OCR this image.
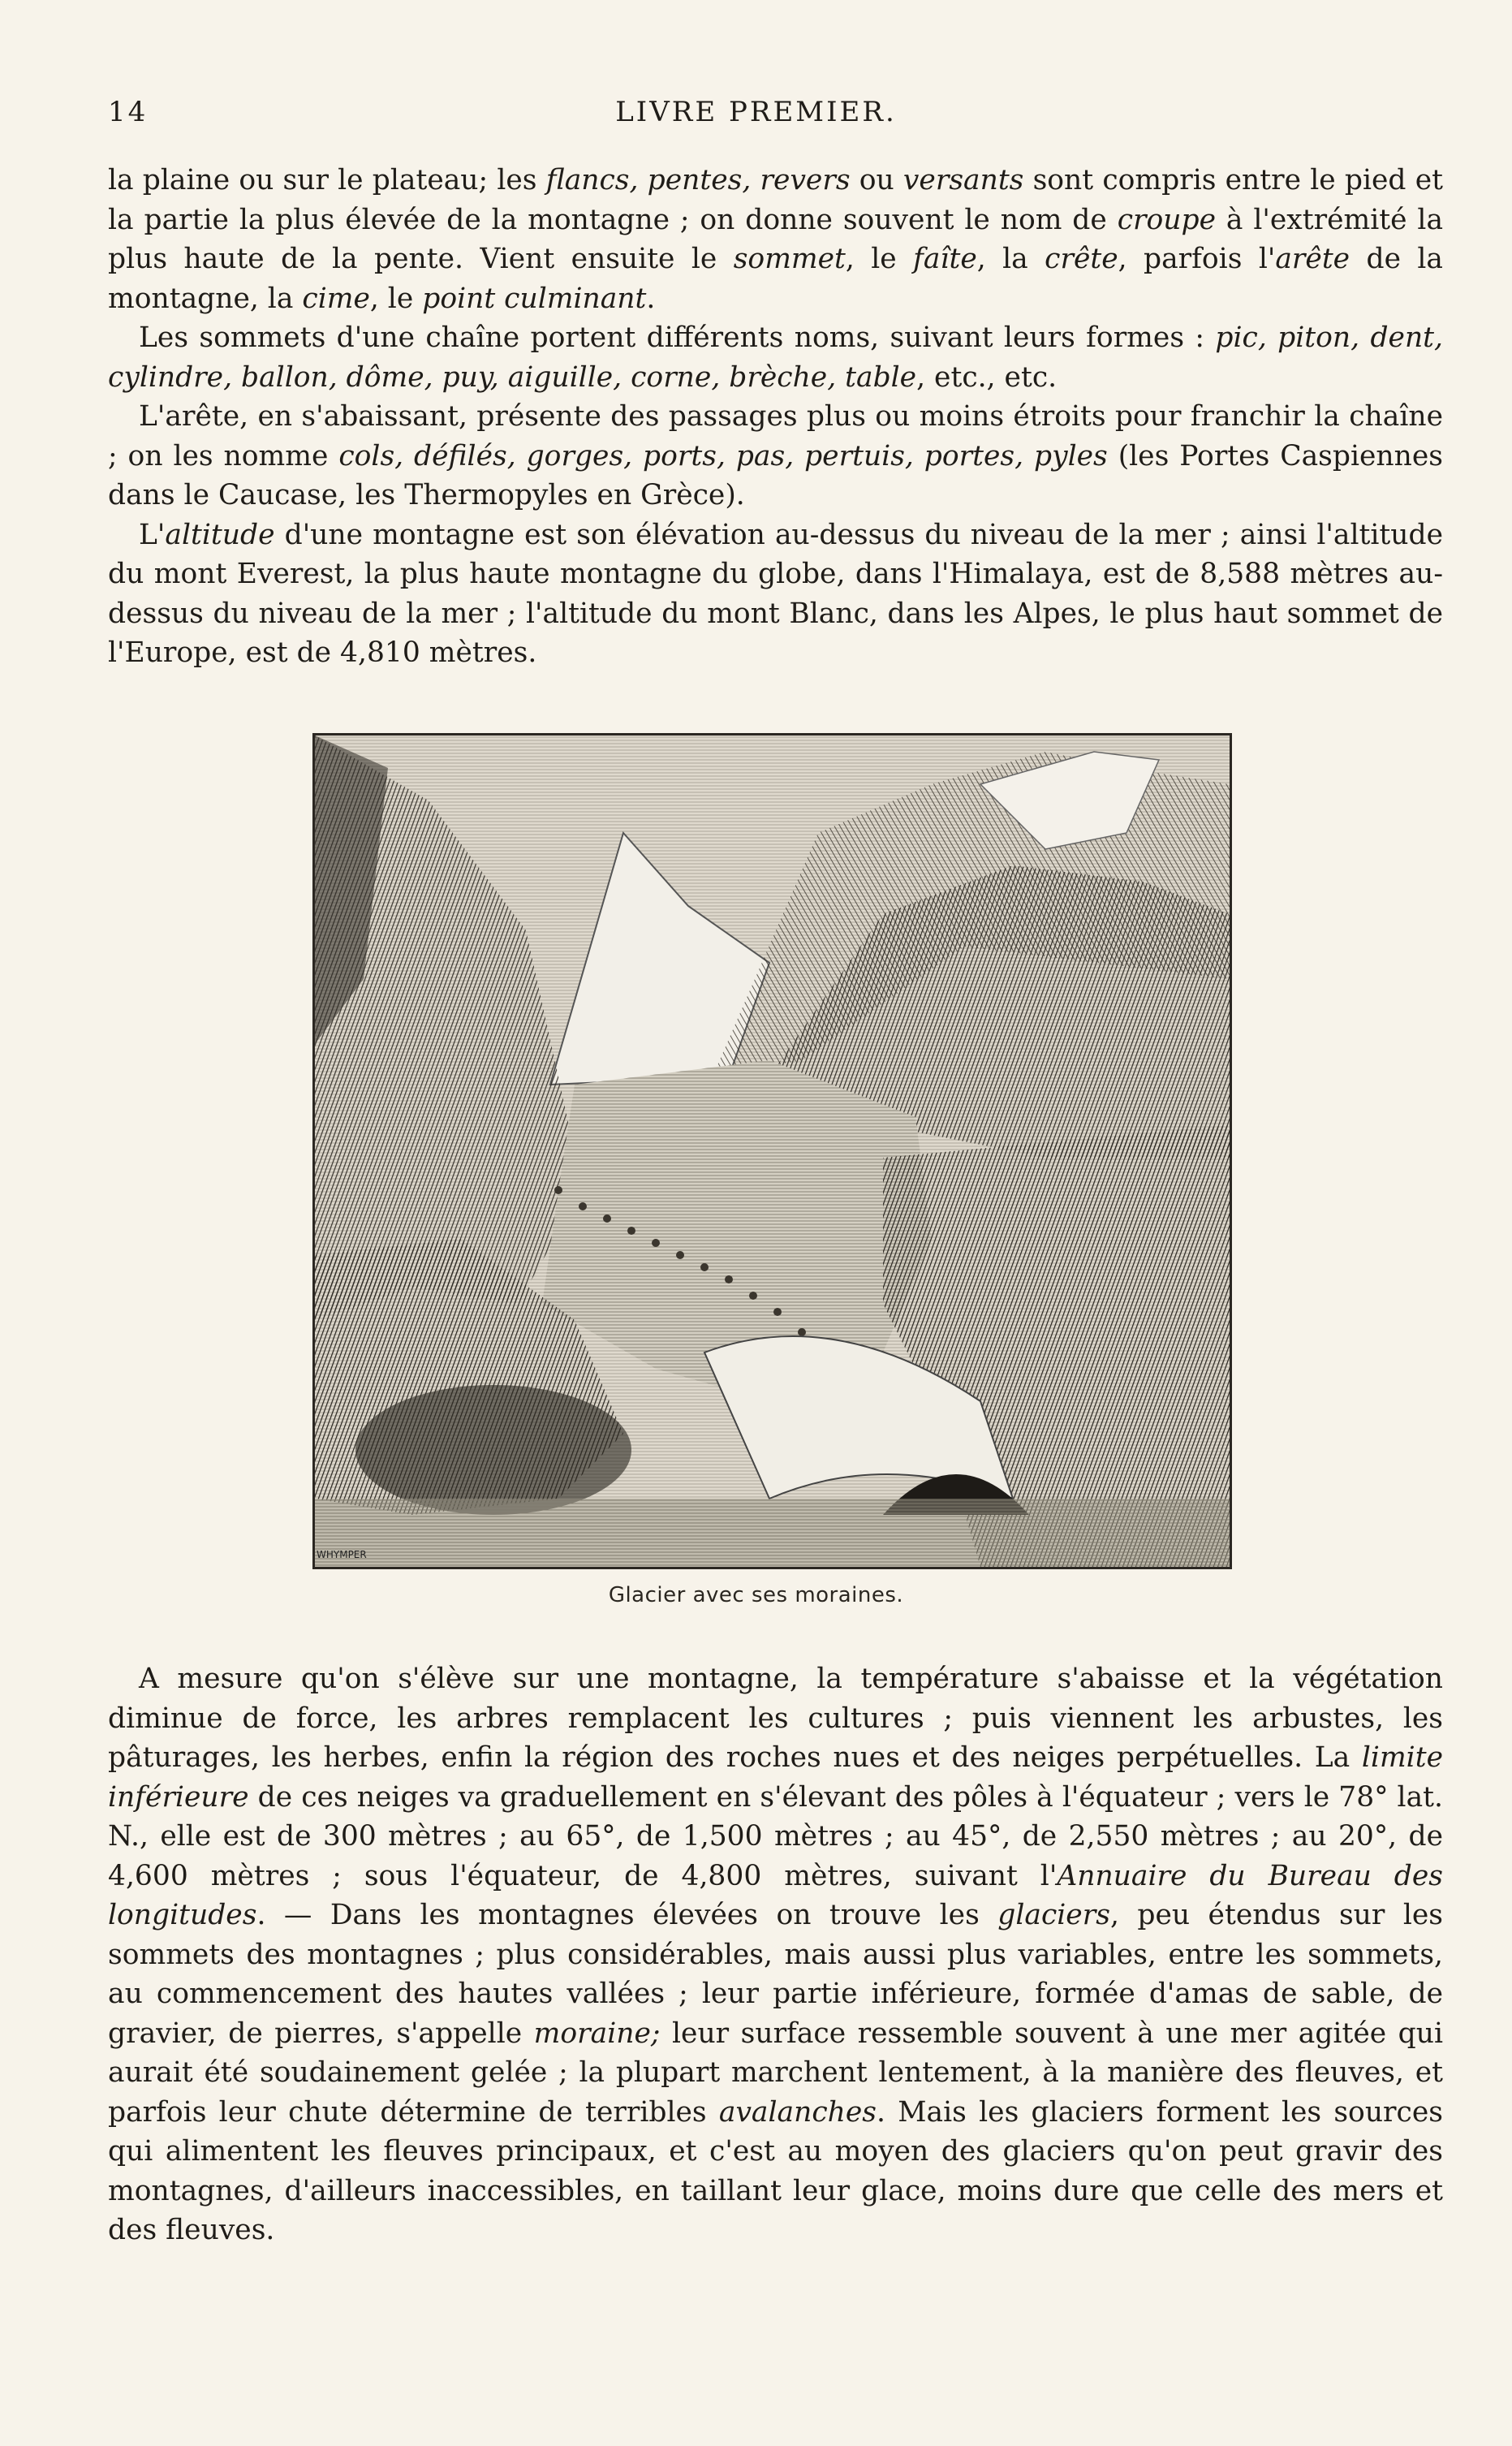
14	LIVRE PREMIER.

la plaine ou sur le plateau; les flancs, pentes, revers ou versants sont compris entre le pied et la partie la plus élevée de la montagne ; on donne souvent le nom de croupe à l'extrémité la plus haute de la pente. Vient ensuite le sommet, le faîte, la crête, parfois l'arête de la montagne, la cime, le point culminant.

Les sommets d'une chaîne portent différents noms, suivant leurs formes : pic, piton, dent, cylindre, ballon, dôme, puy, aiguille, corne, brèche, table, etc., etc.

L'arête, en s'abaissant, présente des passages plus ou moins étroits pour franchir la chaîne ; on les nomme cols, défilés, gorges, ports, pas, pertuis, portes, pyles (les Portes Caspiennes dans le Caucase, les Thermopyles en Grèce).

L'altitude d'une montagne est son élévation au-dessus du niveau de la mer ; ainsi l'altitude du mont Everest, la plus haute montagne du globe, dans l'Himalaya, est de 8,588 mètres au-dessus du niveau de la mer ; l'altitude du mont Blanc, dans les Alpes, le plus haut sommet de l'Europe, est de 4,810 mètres.

WHYMPER
Glacier avec ses moraines.

A mesure qu'on s'élève sur une montagne, la température s'abaisse et la végétation diminue de force, les arbres remplacent les cultures ; puis viennent les arbustes, les pâturages, les herbes, enfin la région des roches nues et des neiges perpétuelles. La limite inférieure de ces neiges va graduellement en s'élevant des pôles à l'équateur ; vers le 78° lat. N., elle est de 300 mètres ; au 65°, de 1,500 mètres ; au 45°, de 2,550 mètres ; au 20°, de 4,600 mètres ; sous l'équateur, de 4,800 mètres, suivant l'Annuaire du Bureau des longitudes. — Dans les montagnes élevées on trouve les glaciers, peu étendus sur les sommets des montagnes ; plus considérables, mais aussi plus variables, entre les sommets, au commencement des hautes vallées ; leur partie inférieure, formée d'amas de sable, de gravier, de pierres, s'appelle moraine; leur surface ressemble souvent à une mer agitée qui aurait été soudainement gelée ; la plupart marchent lentement, à la manière des fleuves, et parfois leur chute détermine de terribles avalanches. Mais les glaciers forment les sources qui alimentent les fleuves principaux, et c'est au moyen des glaciers qu'on peut gravir des montagnes, d'ailleurs inaccessibles, en taillant leur glace, moins dure que celle des mers et des fleuves.
